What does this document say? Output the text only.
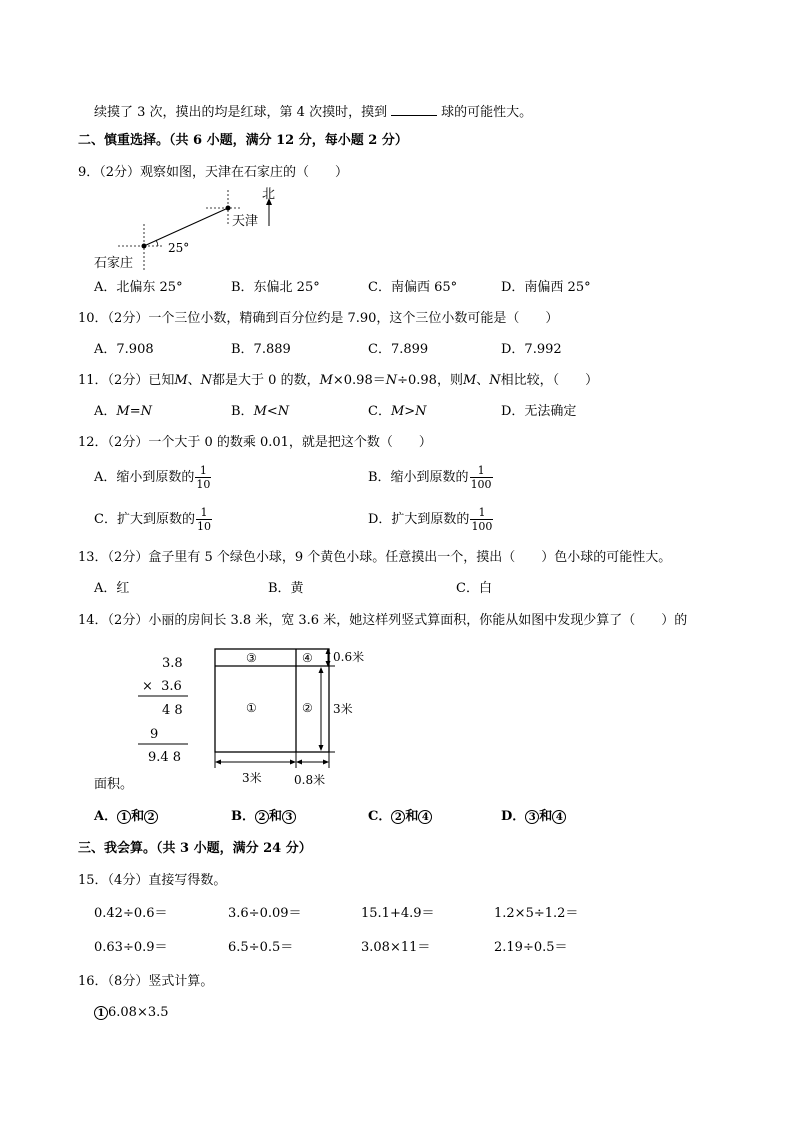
续摸了 3 次，摸出的均是红球，第 4 次摸时，摸到	球的可能性大。
二、慎重选择。（共 6 小题，满分 12 分，每小题 2 分）
9．（2分）观察如图，天津在石家庄的（　　）
北
天津
25°
石家庄
A．北偏东 25°	B．东偏北 25°	C．南偏西 65°	D．南偏西 25°
10．（2分）一个三位小数，精确到百分位约是 7.90，这个三位小数可能是（　　）
A．7.908	B．7.889	C．7.899	D．7.992
11．（2分）已知M、N都是大于 0 的数，M×0.98＝N÷0.98，则M、N相比较，（　　）
A．M=N	B．M<N	C．M>N	D．无法确定
12．（2分）一个大于 0 的数乘 0.01，就是把这个数（　　）
A．缩小到原数的 $\frac{1}{10}$	B．缩小到原数的 $\frac{1}{100}$
C．扩大到原数的 $\frac{1}{10}$	D．扩大到原数的 $\frac{1}{100}$
13．（2分）盒子里有 5 个绿色小球，9 个黄色小球。任意摸出一个，摸出（　　）色小球的可能性大。
A．红	B．黄	C．白
14．（2分）小丽的房间长 3.8 米，宽 3.6 米，她这样列竖式算面积，你能从如图中发现少算了（　　）的
3.8
×  3.6
4 8
9
9.4 8
③	④
①	②
0.6米
3米
3米	0.8米
面积。
A． 1 和 2	B． 2 和 3	C． 2 和 4	D． 3 和 4
三、我会算。（共 3 小题，满分 24 分）
15．（4分）直接写得数。
0.42÷0.6＝	3.6÷0.09＝	15.1+4.9＝	1.2×5÷1.2＝
0.63÷0.9＝	6.5÷0.5＝	3.08×11＝	2.19÷0.5＝
16．（8分）竖式计算。
1 6.08×3.5
